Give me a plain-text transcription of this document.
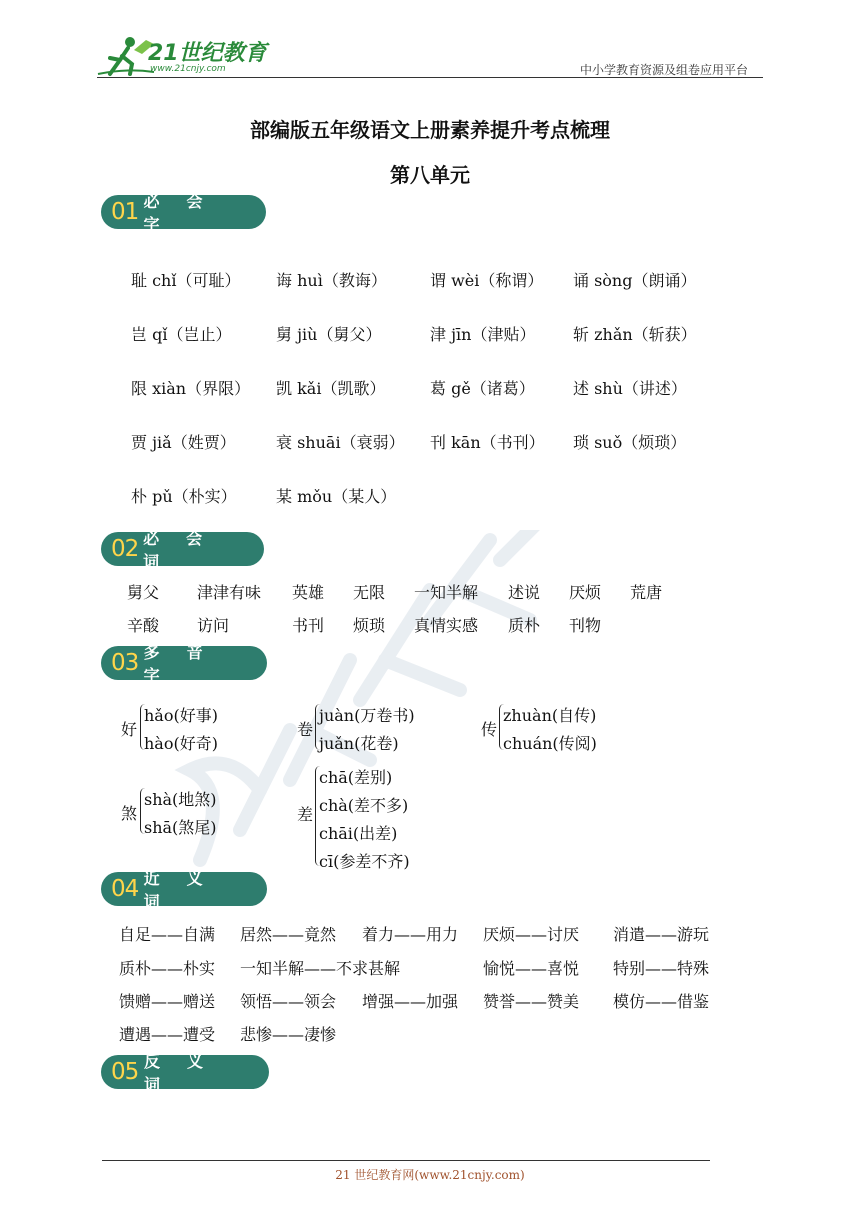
21世纪教育
www.21cnjy.com	中小学教育资源及组卷应用平台
部编版五年级语文上册素养提升考点梳理
第八单元
01 必会字
耻 chǐ（可耻） 诲 huì（教诲）	谓 wèi（称谓） 诵 sòng（朗诵）
岂 qǐ（岂止）	舅 jiù（舅父）	津 jīn（津贴） 斩 zhǎn（斩获）
限 xiàn（界限） 凯 kǎi（凯歌）	葛 gě（诸葛） 述 shù（讲述）
贾 jiǎ（姓贾）	衰 shuāi（衰弱） 刊 kān（书刊） 琐 suǒ（烦琐）
朴 pǔ（朴实） 某 mǒu（某人）
02 必会词
舅父 津津有味 英雄 无限 一知半解 述说 厌烦 荒唐
辛酸 访问	书刊 烦琐 真情实感 质朴 刊物
03 多音字
好
hǎo(好事)
hào(好奇)
卷
juàn(万卷书)
juǎn(花卷)
传
zhuàn(自传)
chuán(传阅)
煞
shà(地煞)
shā(煞尾)
差
chā(差别)
chà(差不多)
chāi(出差)
cī(参差不齐)
04 近义词
自足——自满 居然——竟然 着力——用力 厌烦——讨厌 消遣——游玩
质朴——朴实 一知半解——不求甚解	愉悦——喜悦 特别——特殊
馈赠——赠送 领悟——领会 增强——加强 赞誉——赞美 模仿——借鉴
遭遇——遭受 悲惨——凄惨
05 反义词
21 世纪教育网(www.21cnjy.com)
